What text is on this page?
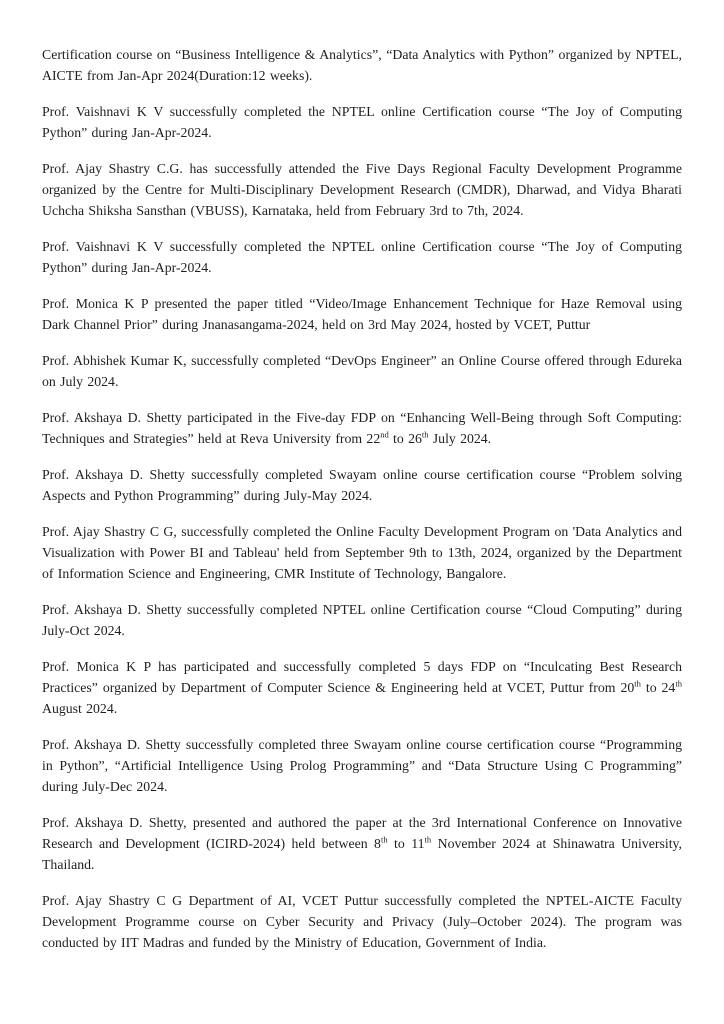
Certification course on “Business Intelligence & Analytics”, “Data Analytics with Python” organized by NPTEL, AICTE from Jan-Apr 2024(Duration:12 weeks).

Prof. Vaishnavi K V successfully completed the NPTEL online Certification course “The Joy of Computing Python” during Jan-Apr-2024.

Prof. Ajay Shastry C.G. has successfully attended the Five Days Regional Faculty Development Programme organized by the Centre for Multi-Disciplinary Development Research (CMDR), Dharwad, and Vidya Bharati Uchcha Shiksha Sansthan (VBUSS), Karnataka, held from February 3rd to 7th, 2024.

Prof. Vaishnavi K V successfully completed the NPTEL online Certification course “The Joy of Computing Python” during Jan-Apr-2024.

Prof. Monica K P presented the paper titled “Video/Image Enhancement Technique for Haze Removal using Dark Channel Prior” during Jnanasangama-2024, held on 3rd May 2024, hosted by VCET, Puttur

Prof. Abhishek Kumar K, successfully completed “DevOps Engineer” an Online Course offered through Edureka on July 2024.

Prof. Akshaya D. Shetty participated in the Five-day FDP on “Enhancing Well-Being through Soft Computing: Techniques and Strategies” held at Reva University from 22nd to 26th July 2024.

Prof. Akshaya D. Shetty successfully completed Swayam online course certification course “Problem solving Aspects and Python Programming” during July-May 2024.

Prof. Ajay Shastry C G, successfully completed the Online Faculty Development Program on 'Data Analytics and Visualization with Power BI and Tableau' held from September 9th to 13th, 2024, organized by the Department of Information Science and Engineering, CMR Institute of Technology, Bangalore.

Prof. Akshaya D. Shetty successfully completed NPTEL online Certification course “Cloud Computing” during July-Oct 2024.

Prof. Monica K P has participated and successfully completed 5 days FDP on “Inculcating Best Research Practices” organized by Department of Computer Science & Engineering held at VCET, Puttur from 20th to 24th August 2024.

Prof. Akshaya D. Shetty successfully completed three Swayam online course certification course “Programming in Python”, “Artificial Intelligence Using Prolog Programming” and “Data Structure Using C Programming” during July-Dec 2024.

Prof. Akshaya D. Shetty, presented and authored the paper at the 3rd International Conference on Innovative Research and Development (ICIRD-2024) held between 8th to 11th November 2024 at Shinawatra University, Thailand.

Prof. Ajay Shastry C G Department of AI, VCET Puttur successfully completed the NPTEL-AICTE Faculty Development Programme course on Cyber Security and Privacy (July–October 2024). The program was conducted by IIT Madras and funded by the Ministry of Education, Government of India.
